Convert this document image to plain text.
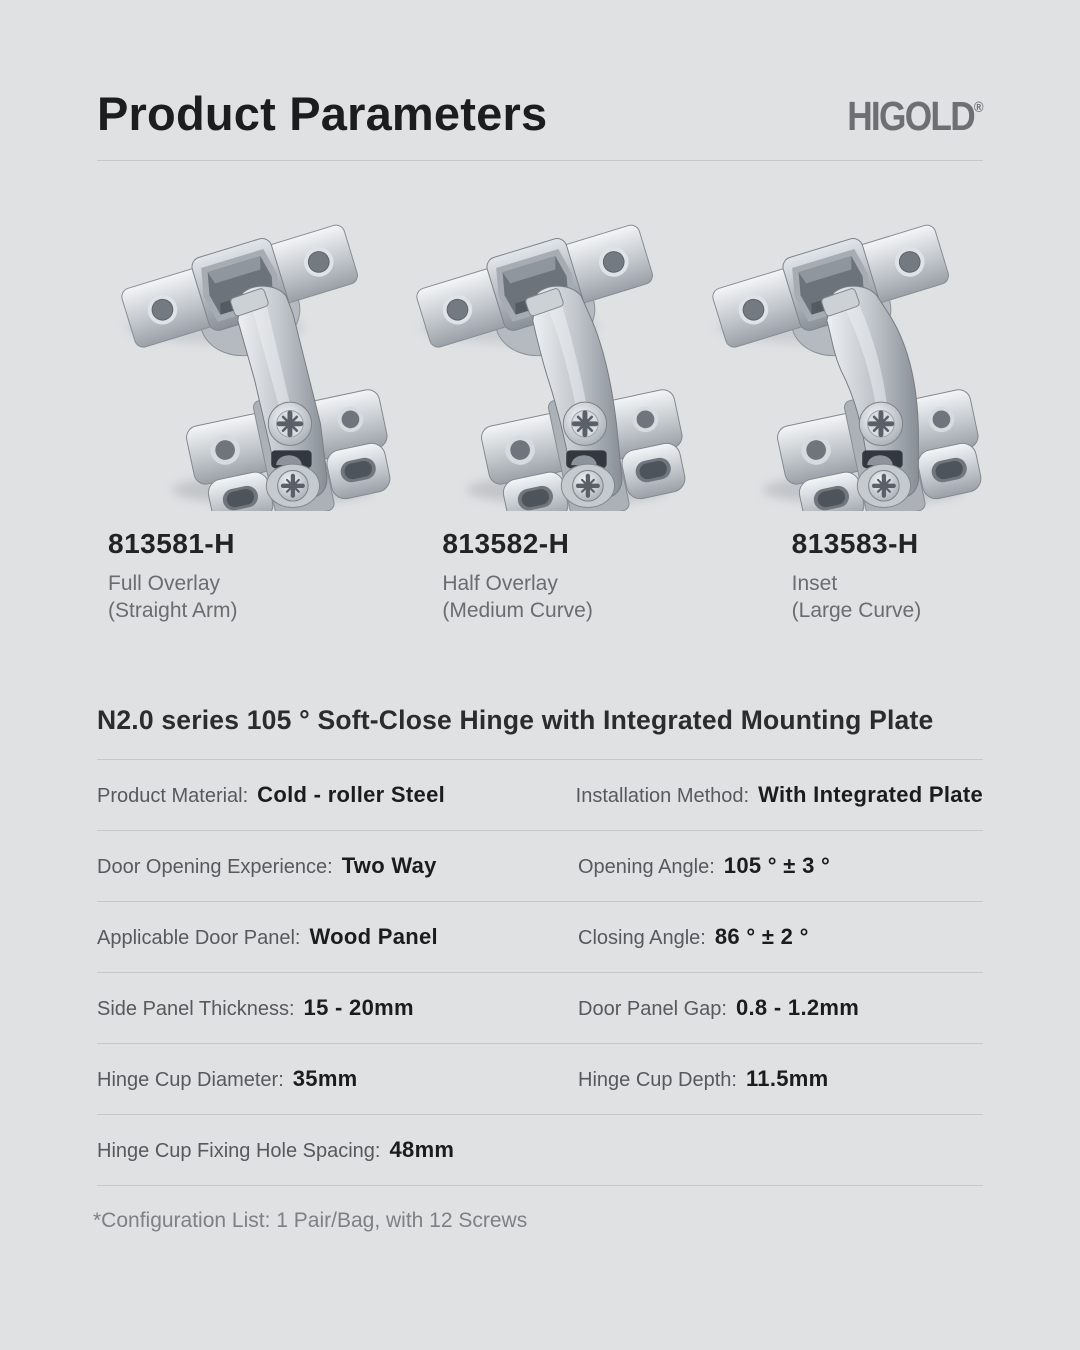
Product Parameters	HIGOLD®
813581-H
Full Overlay
(Straight Arm)
813582-H
Half Overlay
(Medium Curve)
813583-H
Inset
(Large Curve)
N2.0 series 105 ° Soft-Close Hinge with Integrated Mounting Plate
Product Material: Cold - roller Steel	Installation Method: With Integrated Plate
Door Opening Experience: Two Way	Opening Angle: 105 ° ± 3 °
Applicable Door Panel: Wood Panel	Closing Angle: 86 ° ± 2 °
Side Panel Thickness: 15 - 20mm	Door Panel Gap: 0.8 - 1.2mm
Hinge Cup Diameter: 35mm	Hinge Cup Depth: 11.5mm
Hinge Cup Fixing Hole Spacing: 48mm
*Configuration List: 1 Pair/Bag, with 12 Screws
